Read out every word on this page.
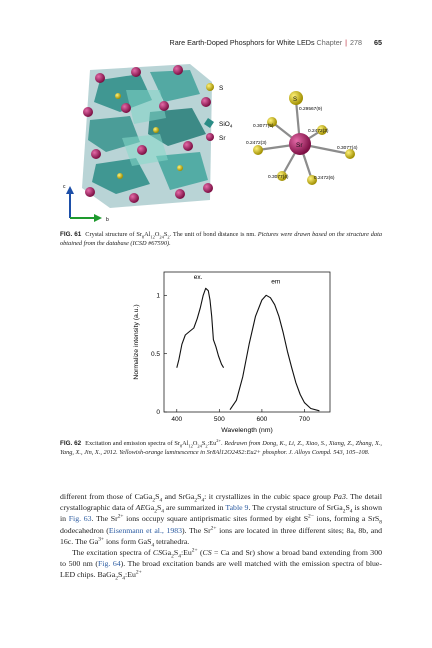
Rare Earth-Doped Phosphors for White LEDs Chapter | 278 65
c
b
S
SiO$_4$
Sr
Sr
S
0.29567(9)
0.3077(5)
0.2472(3)
0.2472(3)
0.3077(4)
0.3077(4)	0.2472(6)
FIG. 61 Crystal structure of $Sr_8Al_{12}O_{24}S_2$. The unit of bond distance is nm. Pictures were drawn based on the structure data obtained from the database (ICSD #67590).
400	500	600	700
0
0.5
1
Wavelength (nm)
Normalize intensity (a.u.)
ex.
em
FIG. 62 Excitation and emission spectra of $Sr_8Al_{12}O_{24}S_2:Eu^{2+}$. Redrawn from Dong, K., Li, Z., Xiao, S., Xiang, Z., Zhang, X., Yang, X., Jin, X., 2012. Yellowish-orange luminescence in Sr8Al12O24S2:Eu2+ phosphor. J. Alloys Compd. 543, 105–108.

different from those of $CaGa_2S_4$ and $SrGa_2S_4$: it crystallizes in the cubic space group Pa3. The detail crystallographic data of $AEGa_2S_4$ are summarized in Table 9. The crystal structure of $SrGa_2S_4$ is shown in Fig. 63. The $Sr^{2+}$ ions occupy square antiprismatic sites formed by eight $S^{2-}$ ions, forming a SrS$_8$ dodecahedron (Eisenmann et al., 1983). The $Sr^{2+}$ ions are located in three different sites; 8a, 8b, and 16c. The $Ga^{3+}$ ions form GaS$_4$ tetrahedra.

The excitation spectra of $CSGa_2S_4:Eu^{2+}$ (CS = Ca and Sr) show a broad band extending from 300 to 500 nm (Fig. 64). The broad excitation bands are well matched with the emission spectra of blue-LED chips. $BaGa_2S_4:Eu^{2+}$
